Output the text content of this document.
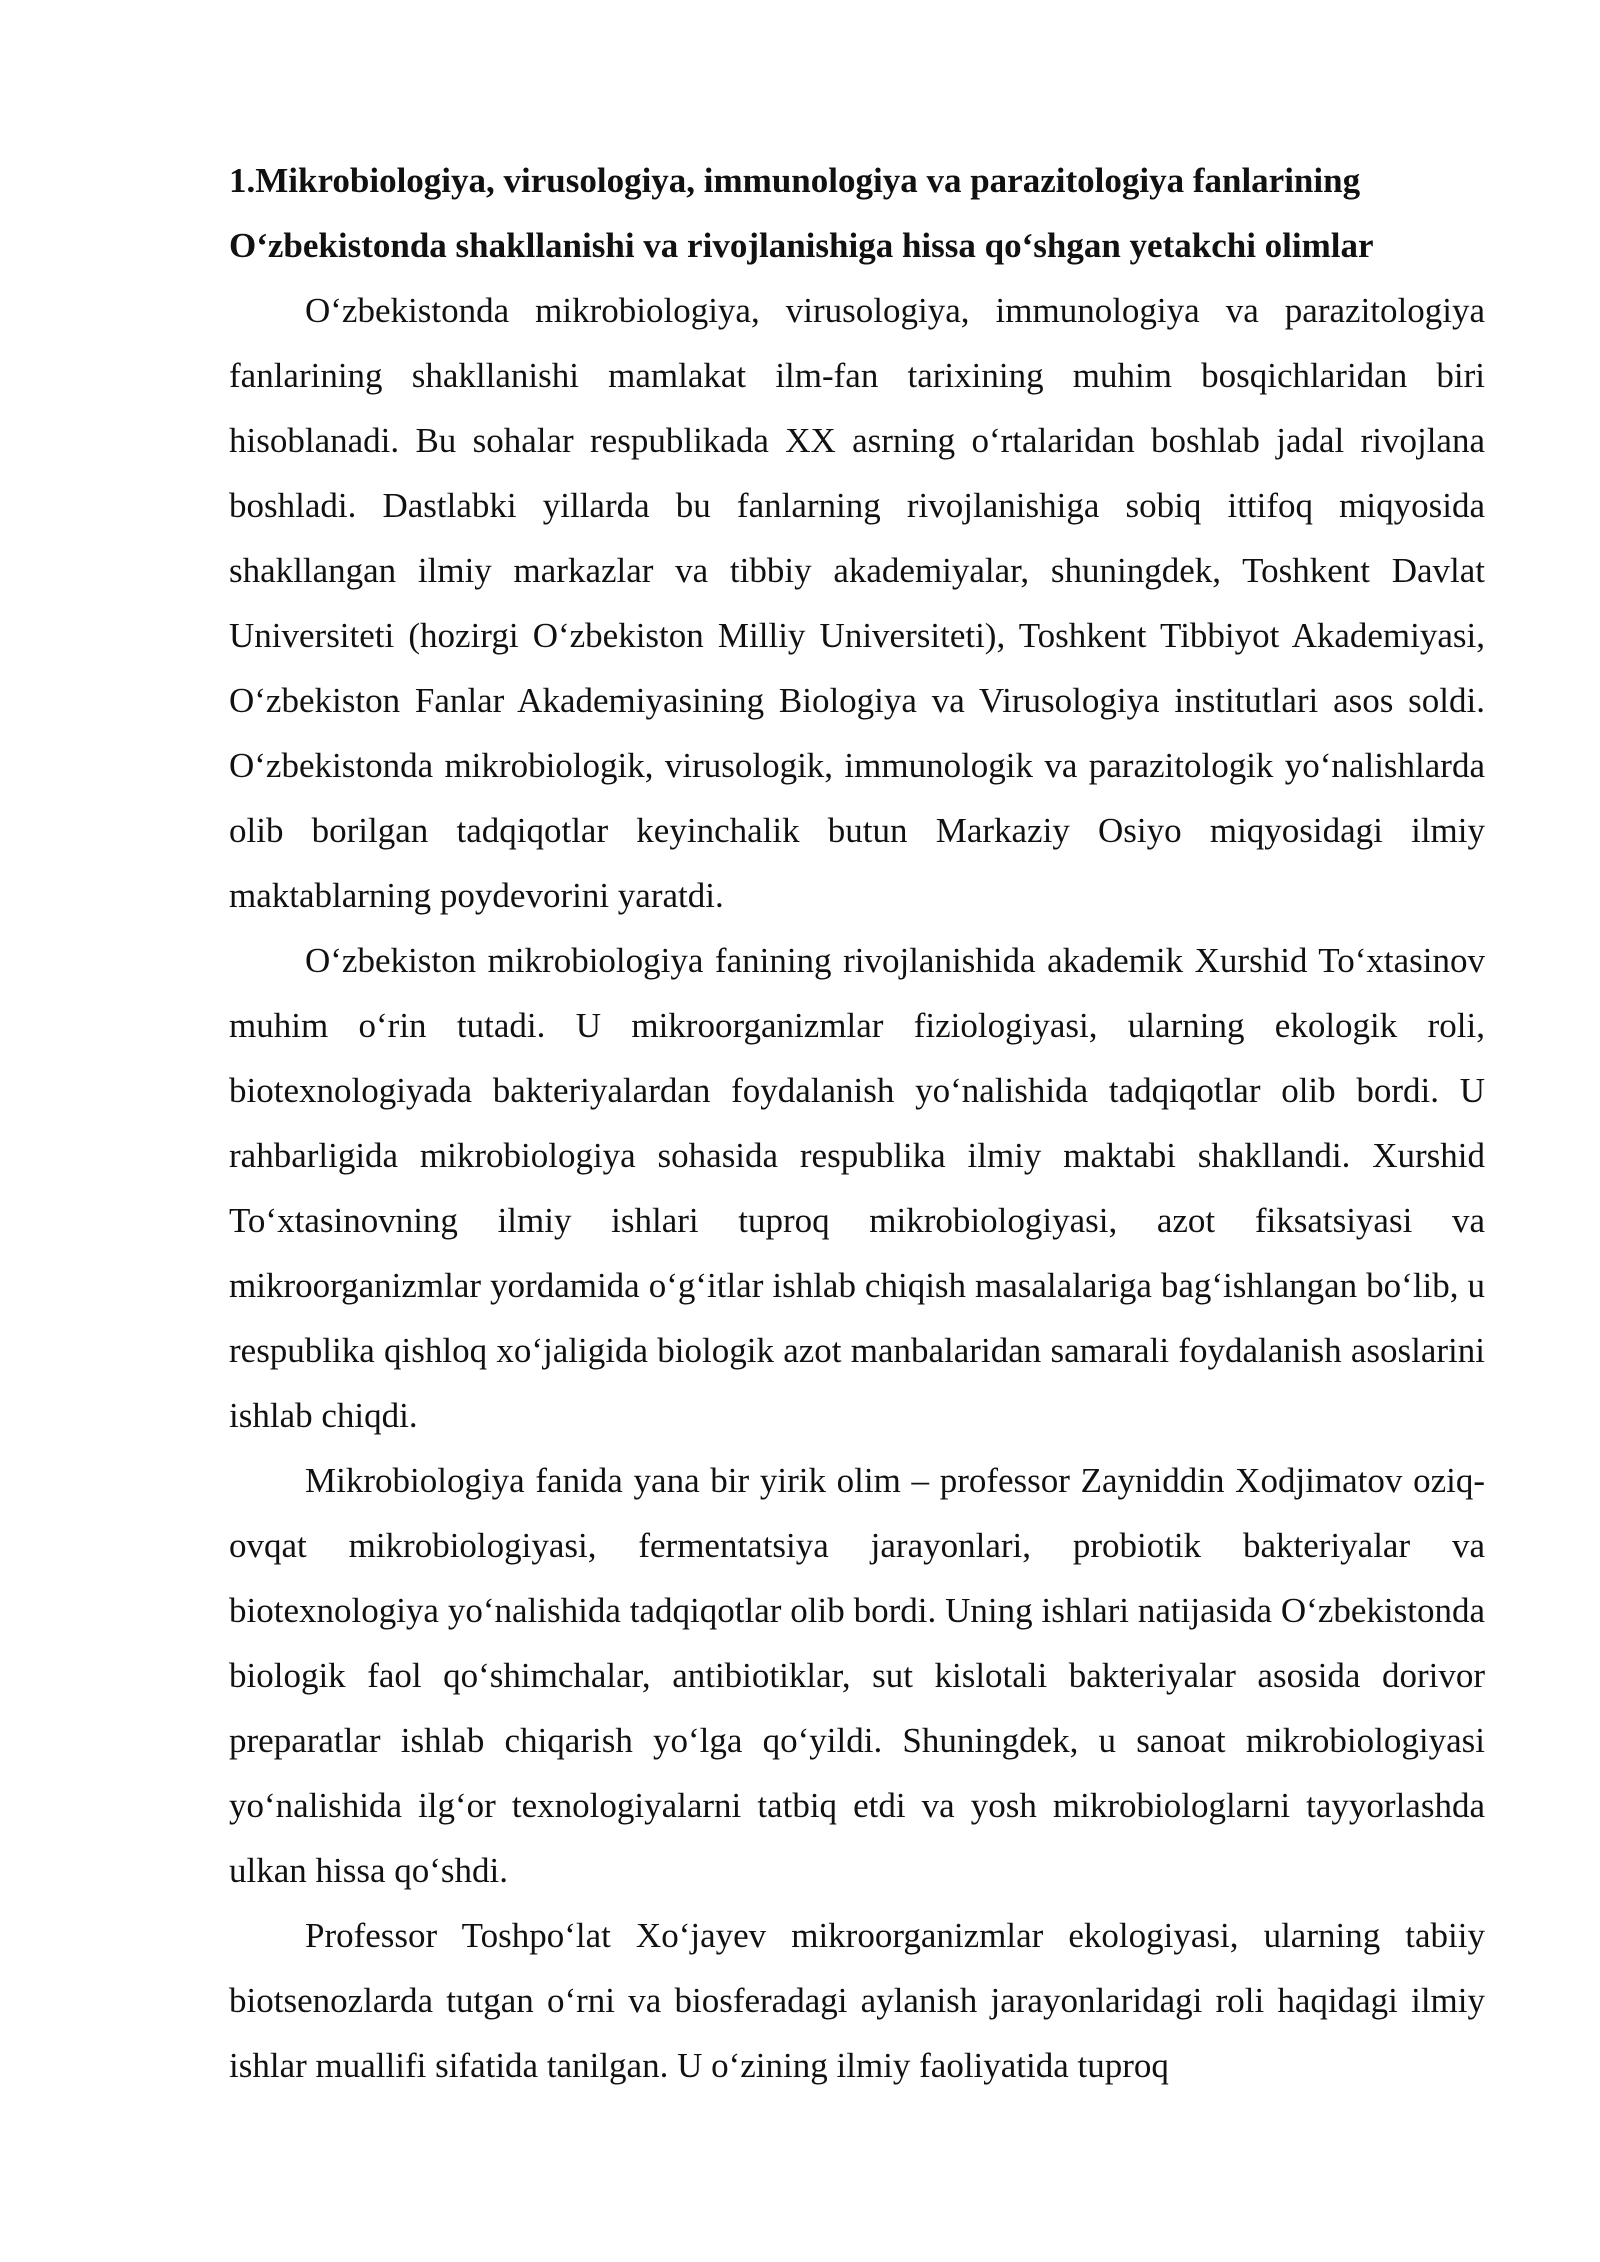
1.Mikrobiologiya, virusologiya, immunologiya va parazitologiya fanlarining O‘zbekistonda shakllanishi va rivojlanishiga hissa qo‘shgan yetakchi olimlar

O‘zbekistonda mikrobiologiya, virusologiya, immunologiya va parazitologiya fanlarining shakllanishi mamlakat ilm-fan tarixining muhim bosqichlaridan biri hisoblanadi. Bu sohalar respublikada XX asrning o‘rtalaridan boshlab jadal rivojlana boshladi. Dastlabki yillarda bu fanlarning rivojlanishiga sobiq ittifoq miqyosida shakllangan ilmiy markazlar va tibbiy akademiyalar, shuningdek, Toshkent Davlat Universiteti (hozirgi O‘zbekiston Milliy Universiteti), Toshkent Tibbiyot Akademiyasi, O‘zbekiston Fanlar Akademiyasining Biologiya va Virusologiya institutlari asos soldi. O‘zbekistonda mikrobiologik, virusologik, immunologik va parazitologik yo‘nalishlarda olib borilgan tadqiqotlar keyinchalik butun Markaziy Osiyo miqyosidagi ilmiy maktablarning poydevorini yaratdi.

O‘zbekiston mikrobiologiya fanining rivojlanishida akademik Xurshid To‘xtasinov muhim o‘rin tutadi. U mikroorganizmlar fiziologiyasi, ularning ekologik roli, biotexnologiyada bakteriyalardan foydalanish yo‘nalishida tadqiqotlar olib bordi. U rahbarligida mikrobiologiya sohasida respublika ilmiy maktabi shakllandi. Xurshid To‘xtasinovning ilmiy ishlari tuproq mikrobiologiyasi, azot fiksatsiyasi va mikroorganizmlar yordamida o‘g‘itlar ishlab chiqish masalalariga bag‘ishlangan bo‘lib, u respublika qishloq xo‘jaligida biologik azot manbalaridan samarali foydalanish asoslarini ishlab chiqdi.

Mikrobiologiya fanida yana bir yirik olim – professor Zayniddin Xodjimatov oziq-ovqat mikrobiologiyasi, fermentatsiya jarayonlari, probiotik bakteriyalar va biotexnologiya yo‘nalishida tadqiqotlar olib bordi. Uning ishlari natijasida O‘zbekistonda biologik faol qo‘shimchalar, antibiotiklar, sut kislotali bakteriyalar asosida dorivor preparatlar ishlab chiqarish yo‘lga qo‘yildi. Shuningdek, u sanoat mikrobiologiyasi yo‘nalishida ilg‘or texnologiyalarni tatbiq etdi va yosh mikrobiologlarni tayyorlashda ulkan hissa qo‘shdi.

Professor Toshpo‘lat Xo‘jayev mikroorganizmlar ekologiyasi, ularning tabiiy biotsenozlarda tutgan o‘rni va biosferadagi aylanish jarayonlaridagi roli haqidagi ilmiy ishlar muallifi sifatida tanilgan. U o‘zining ilmiy faoliyatida tuproq
